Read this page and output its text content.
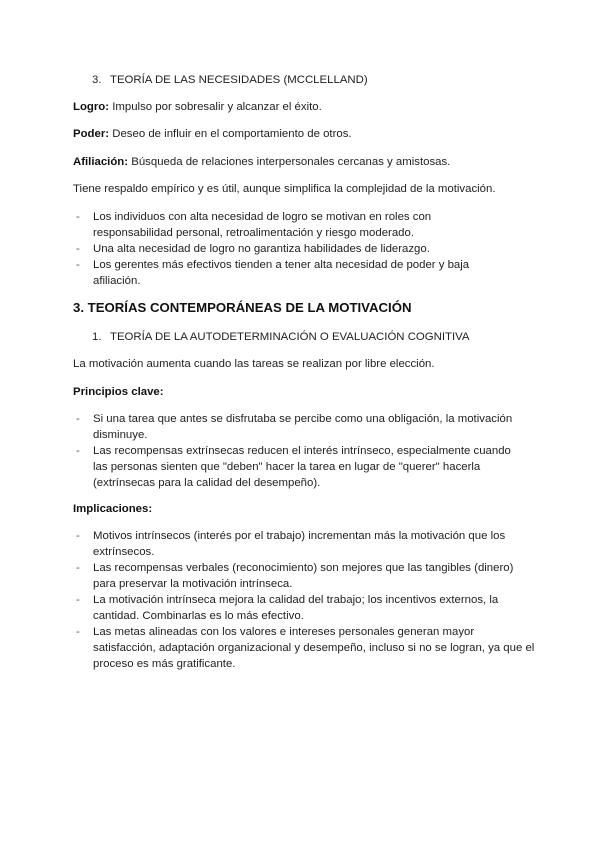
3. TEORÍA DE LAS NECESIDADES (MCCLELLAND)

Logro: Impulso por sobresalir y alcanzar el éxito.

Poder: Deseo de influir en el comportamiento de otros.

Afiliación: Búsqueda de relaciones interpersonales cercanas y amistosas.

Tiene respaldo empírico y es útil, aunque simplifica la complejidad de la motivación.

- Los individuos con alta necesidad de logro se motivan en roles con responsabilidad personal, retroalimentación y riesgo moderado.
- Una alta necesidad de logro no garantiza habilidades de liderazgo.
- Los gerentes más efectivos tienden a tener alta necesidad de poder y baja afiliación.
3. TEORÍAS CONTEMPORÁNEAS DE LA MOTIVACIÓN
1. TEORÍA DE LA AUTODETERMINACIÓN O EVALUACIÓN COGNITIVA

La motivación aumenta cuando las tareas se realizan por libre elección.

Principios clave:

- Si una tarea que antes se disfrutaba se percibe como una obligación, la motivación disminuye.
- Las recompensas extrínsecas reducen el interés intrínseco, especialmente cuando las personas sienten que "deben" hacer la tarea en lugar de "querer" hacerla (extrínsecas para la calidad del desempeño).

Implicaciones:

- Motivos intrínsecos (interés por el trabajo) incrementan más la motivación que los extrínsecos.
- Las recompensas verbales (reconocimiento) son mejores que las tangibles (dinero) para preservar la motivación intrínseca.
- La motivación intrínseca mejora la calidad del trabajo; los incentivos externos, la cantidad. Combinarlas es lo más efectivo.
- Las metas alineadas con los valores e intereses personales generan mayor satisfacción, adaptación organizacional y desempeño, incluso si no se logran, ya que el proceso es más gratificante.
